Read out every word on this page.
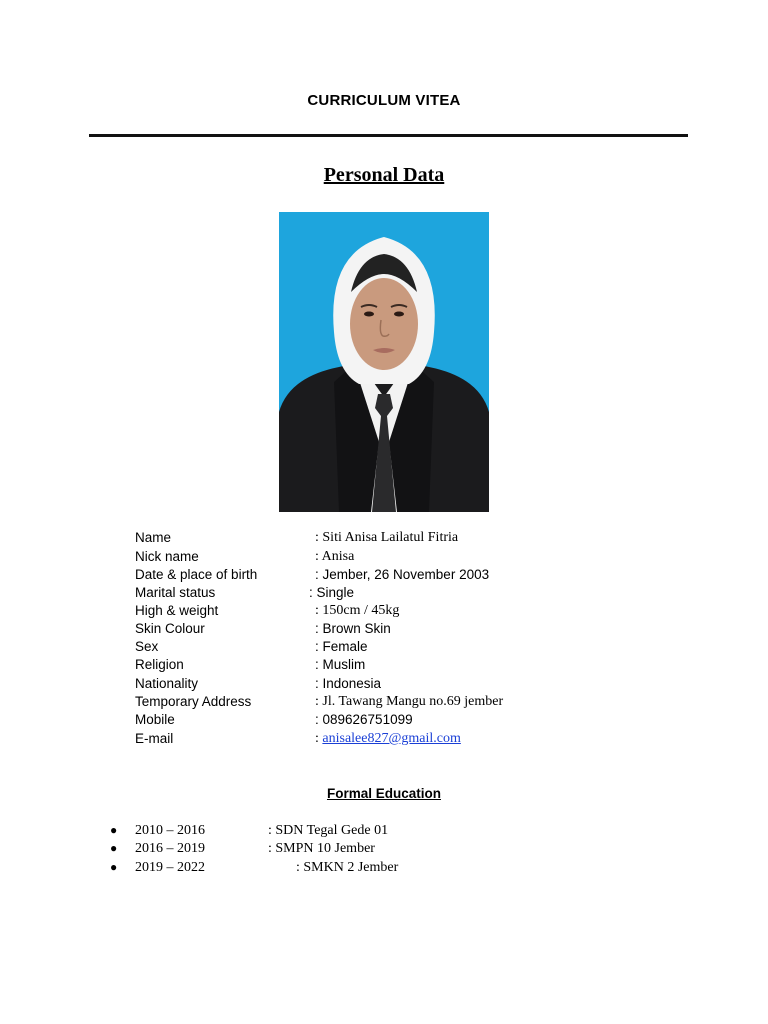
CURRICULUM VITEA
Personal Data
Name	: Siti Anisa Lailatul Fitria
Nick name	: Anisa
Date & place of birth	: Jember, 26 November 2003
Marital status	: Single
High & weight	: 150cm / 45kg
Skin Colour	: Brown Skin
Sex	: Female
Religion	: Muslim
Nationality	: Indonesia
Temporary Address	: Jl. Tawang Mangu no.69 jember
Mobile	: 089626751099
E-mail	: anisalee827@gmail.com
Formal Education
● 2010 – 2016	: SDN Tegal Gede 01
● 2016 – 2019	: SMPN 10 Jember
● 2019 – 2022	: SMKN 2 Jember
